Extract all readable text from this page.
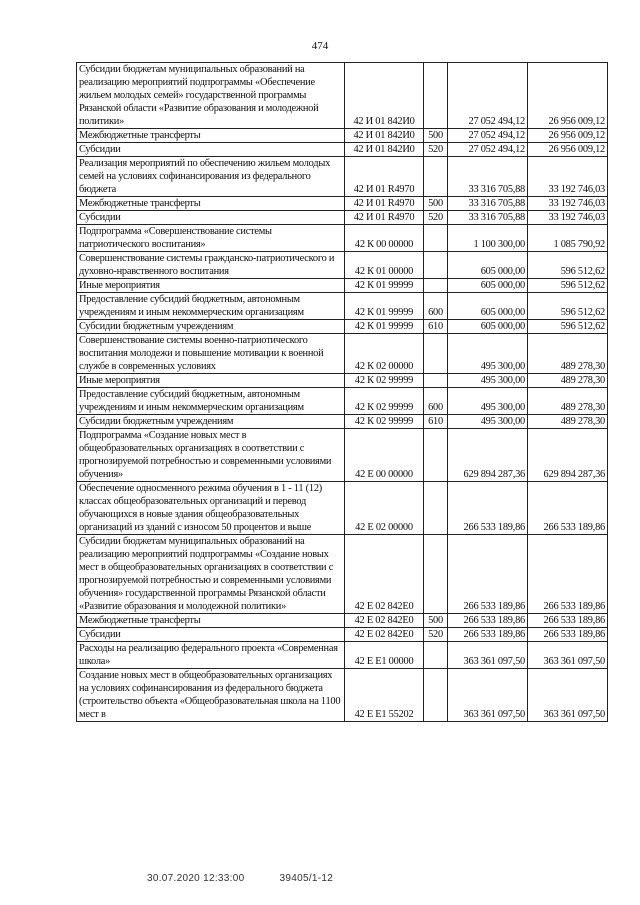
474
Субсидии бюджетам муниципальных образований на реализацию мероприятий подпрограммы «Обеспечение жильем молодых семей» государственной программы Рязанской области «Развитие образования и молодежной политики»	42 И 01 842И0		27 052 494,12	26 956 009,12
Межбюджетные трансферты	42 И 01 842И0	500	27 052 494,12	26 956 009,12
Субсидии	42 И 01 842И0	520	27 052 494,12	26 956 009,12
Реализация мероприятий по обеспечению жильем молодых семей на условиях софинансирования из федерального бюджета	42 И 01 R4970		33 316 705,88	33 192 746,03
Межбюджетные трансферты	42 И 01 R4970	500	33 316 705,88	33 192 746,03
Субсидии	42 И 01 R4970	520	33 316 705,88	33 192 746,03
Подпрограмма «Совершенствование системы патриотического воспитания»	42 К 00 00000		1 100 300,00	1 085 790,92
Совершенствование системы гражданско-патриотического и духовно-нравственного воспитания	42 К 01 00000		605 000,00	596 512,62
Иные мероприятия	42 К 01 99999		605 000,00	596 512,62
Предоставление субсидий бюджетным, автономным учреждениям и иным некоммерческим организациям	42 К 01 99999	600	605 000,00	596 512,62
Субсидии бюджетным учреждениям	42 К 01 99999	610	605 000,00	596 512,62
Совершенствование системы военно-патриотического воспитания молодежи и повышение мотивации к военной службе в современных условиях	42 К 02 00000		495 300,00	489 278,30
Иные мероприятия	42 К 02 99999		495 300,00	489 278,30
Предоставление субсидий бюджетным, автономным учреждениям и иным некоммерческим организациям	42 К 02 99999	600	495 300,00	489 278,30
Субсидии бюджетным учреждениям	42 К 02 99999	610	495 300,00	489 278,30
Подпрограмма «Создание новых мест в общеобразовательных организациях в соответствии с прогнозируемой потребностью и современными условиями обучения»	42 Е 00 00000		629 894 287,36	629 894 287,36
Обеспечение односменного режима обучения в 1 - 11 (12) классах общеобразовательных организаций и перевод обучающихся в новые здания общеобразовательных организаций из зданий с износом 50 процентов и выше	42 Е 02 00000		266 533 189,86	266 533 189,86
Субсидии бюджетам муниципальных образований на реализацию мероприятий подпрограммы «Создание новых мест в общеобразовательных организациях в соответствии с прогнозируемой потребностью и современными условиями обучения» государственной программы Рязанской области «Развитие образования и молодежной политики»	42 Е 02 842Е0		266 533 189,86	266 533 189,86
Межбюджетные трансферты	42 Е 02 842Е0	500	266 533 189,86	266 533 189,86
Субсидии	42 Е 02 842Е0	520	266 533 189,86	266 533 189,86
Расходы на реализацию федерального проекта «Современная школа»	42 Е Е1 00000		363 361 097,50	363 361 097,50
Создание новых мест в общеобразовательных организациях на условиях софинансирования из федерального бюджета (строительство объекта «Общеобразовательная школа на 1100 мест в	42 Е Е1 55202		363 361 097,50	363 361 097,50
30.07.2020 12:33:00	39405/1-12
